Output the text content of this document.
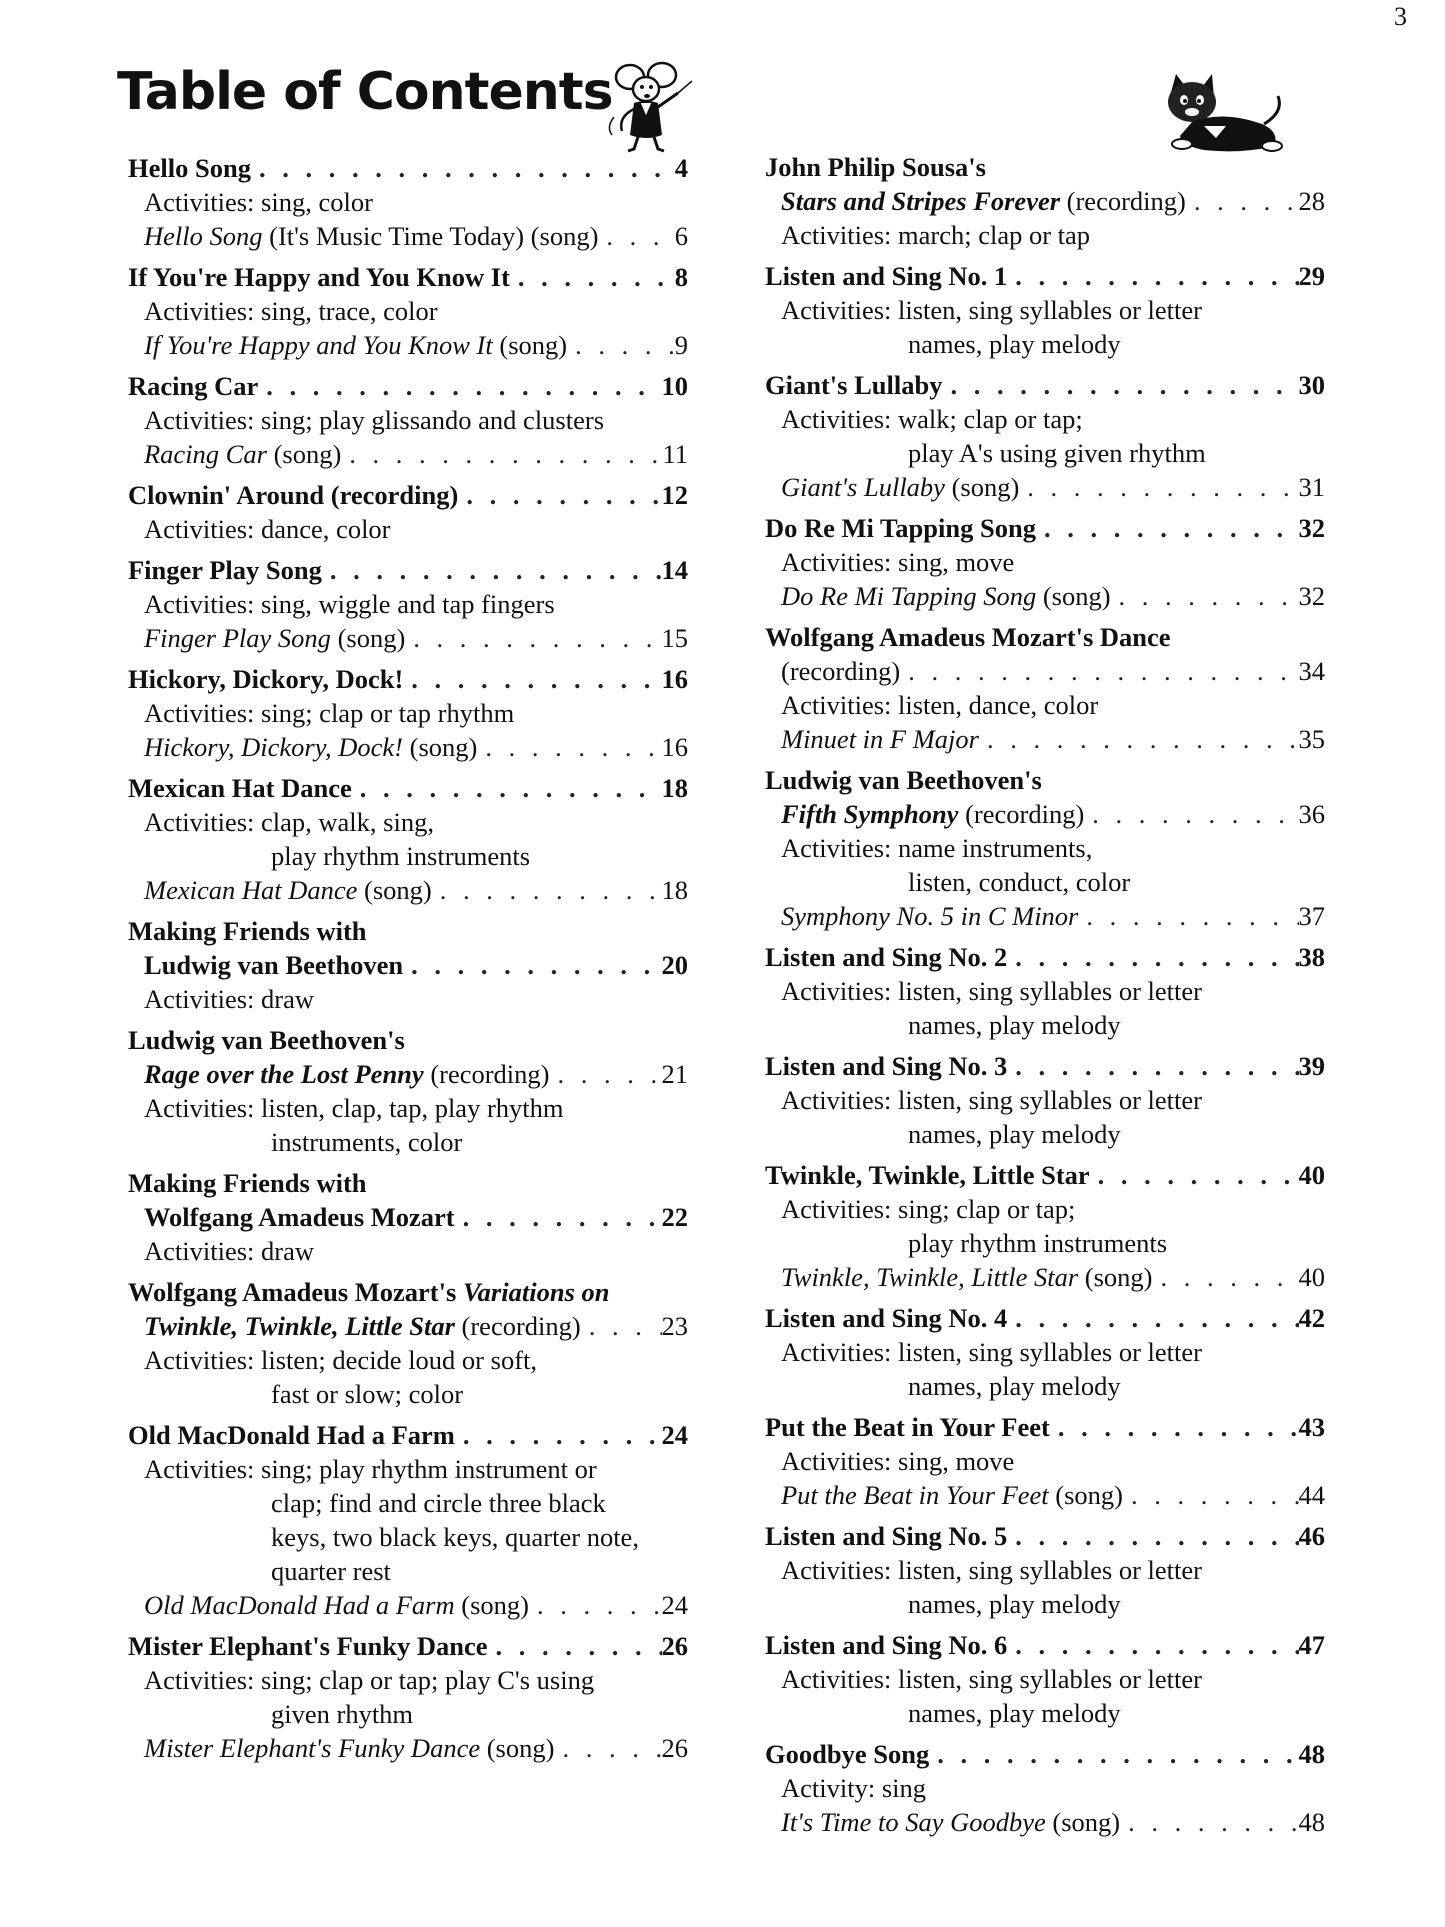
3
Table of Contents
Hello Song . . .	4
Activities: sing, color
Hello Song (It's Music Time Today) (song) . . .	6
If You're Happy and You Know It . . .	8
Activities: sing, trace, color
If You're Happy and You Know It (song) . . .	9
Racing Car . . .	10
Activities: sing; play glissando and clusters
Racing Car (song) . . .	11
Clownin' Around (recording) . . .	12
Activities: dance, color
Finger Play Song . . .	14
Activities: sing, wiggle and tap fingers
Finger Play Song (song) . . .	15
Hickory, Dickory, Dock! . . .	16
Activities: sing; clap or tap rhythm
Hickory, Dickory, Dock! (song) . . .	16
Mexican Hat Dance . . .	18
Activities: clap, walk, sing,
play rhythm instruments
Mexican Hat Dance (song) . . .	18
Making Friends with
Ludwig van Beethoven . . .	20
Activities: draw
Ludwig van Beethoven's
Rage over the Lost Penny (recording) . . .	21
Activities: listen, clap, tap, play rhythm
instruments, color
Making Friends with
Wolfgang Amadeus Mozart . . .	22
Activities: draw
Wolfgang Amadeus Mozart's Variations on
Twinkle, Twinkle, Little Star (recording) . . .	23
Activities: listen; decide loud or soft,
fast or slow; color
Old MacDonald Had a Farm . . .	24
Activities: sing; play rhythm instrument or
clap; find and circle three black
keys, two black keys, quarter note,
quarter rest
Old MacDonald Had a Farm (song) . . .	24
Mister Elephant's Funky Dance . . .	26
Activities: sing; clap or tap; play C's using
given rhythm
Mister Elephant's Funky Dance (song) . . .	26
John Philip Sousa's
Stars and Stripes Forever (recording) . . .	28
Activities: march; clap or tap
Listen and Sing No. 1 . . .	29
Activities: listen, sing syllables or letter
names, play melody
Giant's Lullaby . . .	30
Activities: walk; clap or tap;
play A's using given rhythm
Giant's Lullaby (song) . . .	31
Do Re Mi Tapping Song . . .	32
Activities: sing, move
Do Re Mi Tapping Song (song) . . .	32
Wolfgang Amadeus Mozart's Dance
(recording) . . .	34
Activities: listen, dance, color
Minuet in F Major . . .	35
Ludwig van Beethoven's
Fifth Symphony (recording) . . .	36
Activities: name instruments,
listen, conduct, color
Symphony No. 5 in C Minor . . .	37
Listen and Sing No. 2 . . .	38
Activities: listen, sing syllables or letter
names, play melody
Listen and Sing No. 3 . . .	39
Activities: listen, sing syllables or letter
names, play melody
Twinkle, Twinkle, Little Star . . .	40
Activities: sing; clap or tap;
play rhythm instruments
Twinkle, Twinkle, Little Star (song) . . .	40
Listen and Sing No. 4 . . .	42
Activities: listen, sing syllables or letter
names, play melody
Put the Beat in Your Feet . . .	43
Activities: sing, move
Put the Beat in Your Feet (song) . . .	44
Listen and Sing No. 5 . . .	46
Activities: listen, sing syllables or letter
names, play melody
Listen and Sing No. 6 . . .	47
Activities: listen, sing syllables or letter
names, play melody
Goodbye Song . . .	48
Activity: sing
It's Time to Say Goodbye (song) . . .	48
